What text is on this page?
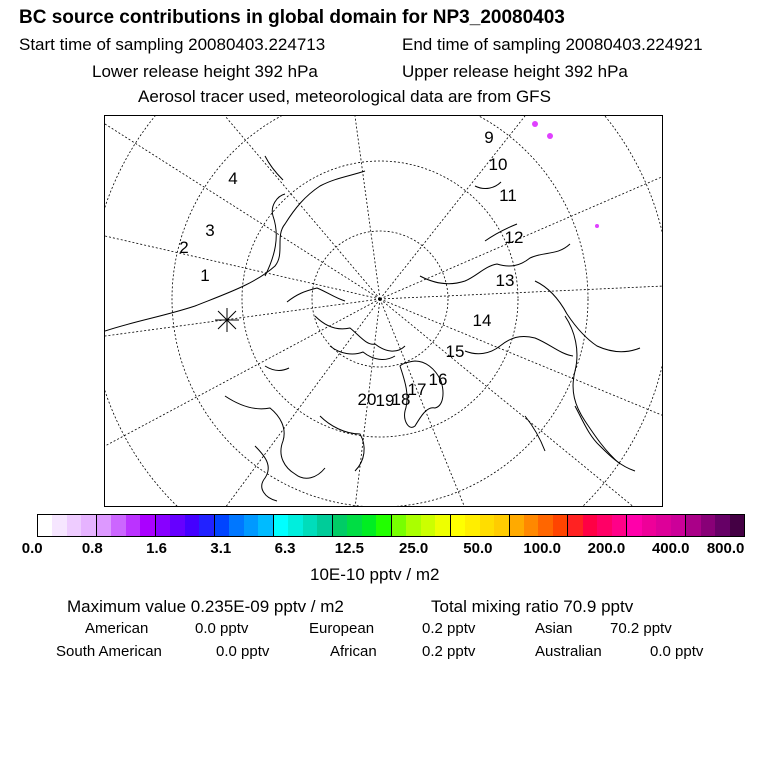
BC source contributions in global domain for NP3_20080403
Start time of sampling 20080403.224713	End time of sampling 20080403.224921
Lower release height 392 hPa	Upper release height 392 hPa
Aerosol tracer used, meteorological data are from GFS
1
2
3
4
9
10
11
12
13
14
15
16
17
18
19
20
0.0	0.8	1.6	3.1	6.3	12.5 25.0 50.0 100.0 200.0 400.0 800.0
10E-10 pptv / m2
Maximum value 0.235E-09 pptv / m2	Total mixing ratio 70.9 pptv
American	0.0 pptv	European	0.2 pptv	Asian 70.2 pptv
South American	0.0 pptv	African	0.2 pptv	Australian	0.0 pptv
